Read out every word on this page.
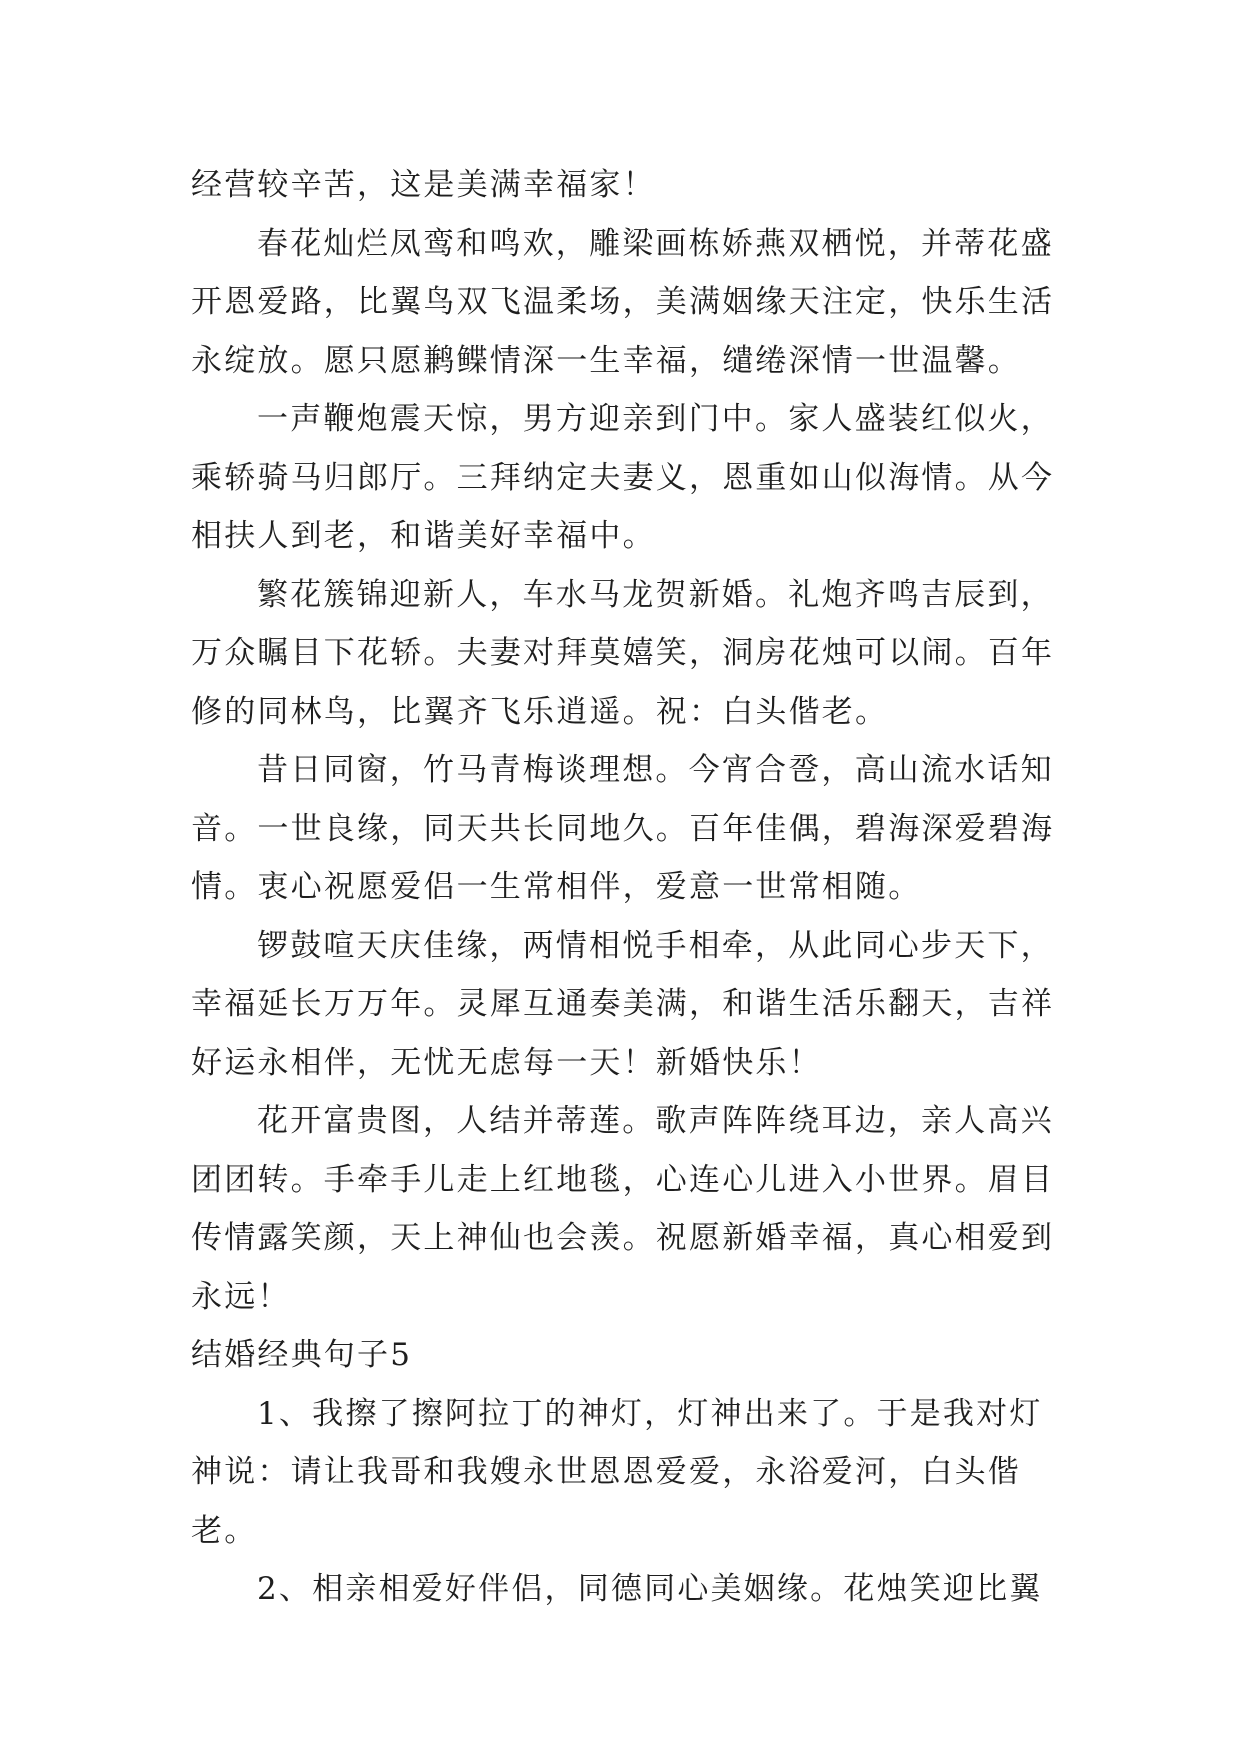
经营较辛苦，这是美满幸福家！

春花灿烂凤鸾和鸣欢，雕梁画栋娇燕双栖悦，并蒂花盛开恩爱路，比翼鸟双飞温柔场，美满姻缘天注定，快乐生活永绽放。愿只愿鹣鲽情深一生幸福，缱绻深情一世温馨。

一声鞭炮震天惊，男方迎亲到门中。家人盛装红似火，乘轿骑马归郎厅。三拜纳定夫妻义，恩重如山似海情。从今相扶人到老，和谐美好幸福中。

繁花簇锦迎新人，车水马龙贺新婚。礼炮齐鸣吉辰到，万众瞩目下花轿。夫妻对拜莫嬉笑，洞房花烛可以闹。百年修的同林鸟，比翼齐飞乐逍遥。祝：白头偕老。

昔日同窗，竹马青梅谈理想。今宵合卺，高山流水话知音。一世良缘，同天共长同地久。百年佳偶，碧海深爱碧海情。衷心祝愿爱侣一生常相伴，爱意一世常相随。

锣鼓喧天庆佳缘，两情相悦手相牵，从此同心步天下，幸福延长万万年。灵犀互通奏美满，和谐生活乐翻天，吉祥好运永相伴，无忧无虑每一天！新婚快乐！

花开富贵图，人结并蒂莲。歌声阵阵绕耳边，亲人高兴团团转。手牵手儿走上红地毯，心连心儿进入小世界。眉目传情露笑颜，天上神仙也会羡。祝愿新婚幸福，真心相爱到永远！

结婚经典句子5

1、我擦了擦阿拉丁的神灯，灯神出来了。于是我对灯神说：请让我哥和我嫂永世恩恩爱爱，永浴爱河，白头偕老。

2、相亲相爱好伴侣，同德同心美姻缘。花烛笑迎比翼
